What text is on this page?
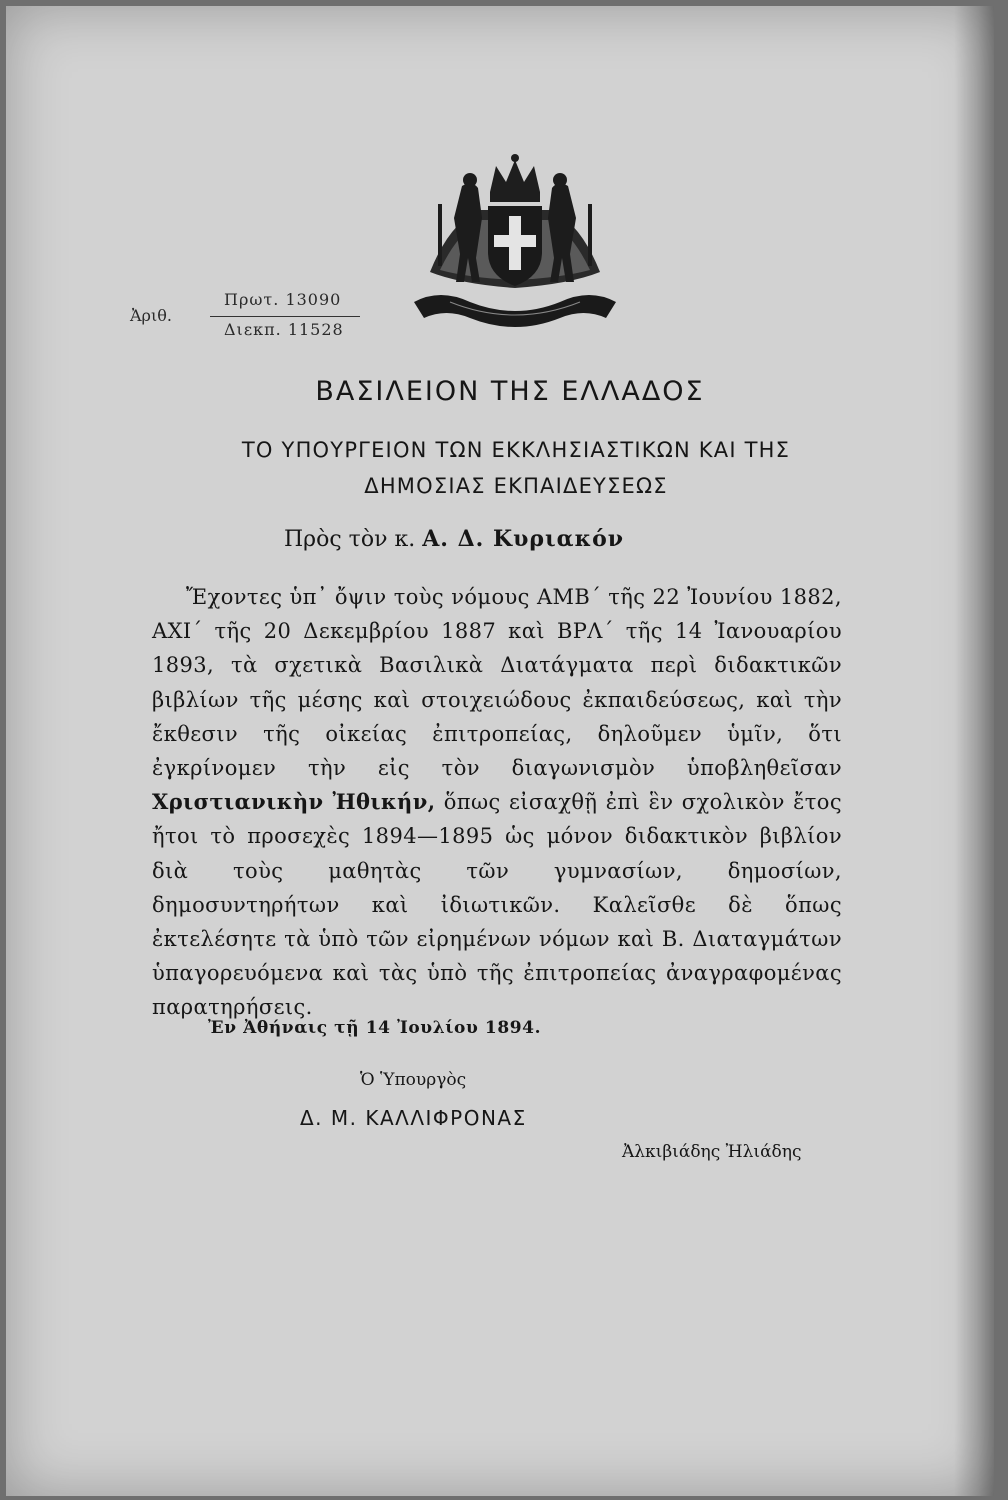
Ἀριθ.
Πρωτ. 13090
Διεκπ. 11528
ΒΑΣΙΛΕΙΟΝ ΤΗΣ ΕΛΛΑΔΟΣ
ΤΟ ΥΠΟΥΡΓΕΙΟΝ ΤΩΝ ΕΚΚΛΗΣΙΑΣΤΙΚΩΝ ΚΑΙ ΤΗΣ
ΔΗΜΟΣΙΑΣ ΕΚΠΑΙΔΕΥΣΕΩΣ
Πρὸς τὸν κ. Α. Δ. Κυριακόν
Ἔχοντες ὑπ᾽ ὄψιν τοὺς νόμους ΑΜΒ΄ τῆς 22 Ἰουνίου 1882, ΑΧΙ΄ τῆς 20 Δεκεμβρίου 1887 καὶ ΒΡΛ΄ τῆς 14 Ἰανουαρίου 1893, τὰ σχετικὰ Βασιλικὰ Διατάγματα περὶ διδακτικῶν βιβλίων τῆς μέσης καὶ στοιχειώδους ἐκπαιδεύσεως, καὶ τὴν ἔκθεσιν τῆς οἰκείας ἐπιτροπείας, δηλοῦμεν ὑμῖν, ὅτι ἐγκρίνομεν τὴν εἰς τὸν διαγωνισμὸν ὑποβληθεῖσαν Χριστιανικὴν Ἠθικήν, ὅπως εἰσαχθῇ ἐπὶ ἓν σχολικὸν ἔτος ἤτοι τὸ προσεχὲς 1894—1895 ὡς μόνον διδακτικὸν βιβλίον διὰ τοὺς μαθητὰς τῶν γυμνασίων, δημοσίων, δημοσυντηρήτων καὶ ἰδιωτικῶν. Καλεῖσθε δὲ ὅπως ἐκτελέσητε τὰ ὑπὸ τῶν εἰρημένων νόμων καὶ Β. Διαταγμάτων ὑπαγορευόμενα καὶ τὰς ὑπὸ τῆς ἐπιτροπείας ἀναγραφομένας παρατηρήσεις.
Ἐν Ἀθήναις τῇ 14 Ἰουλίου 1894.
Ὁ Ὑπουργὸς
Δ. Μ. ΚΑΛΛΙΦΡΟΝΑΣ
Ἀλκιβιάδης Ἠλιάδης
